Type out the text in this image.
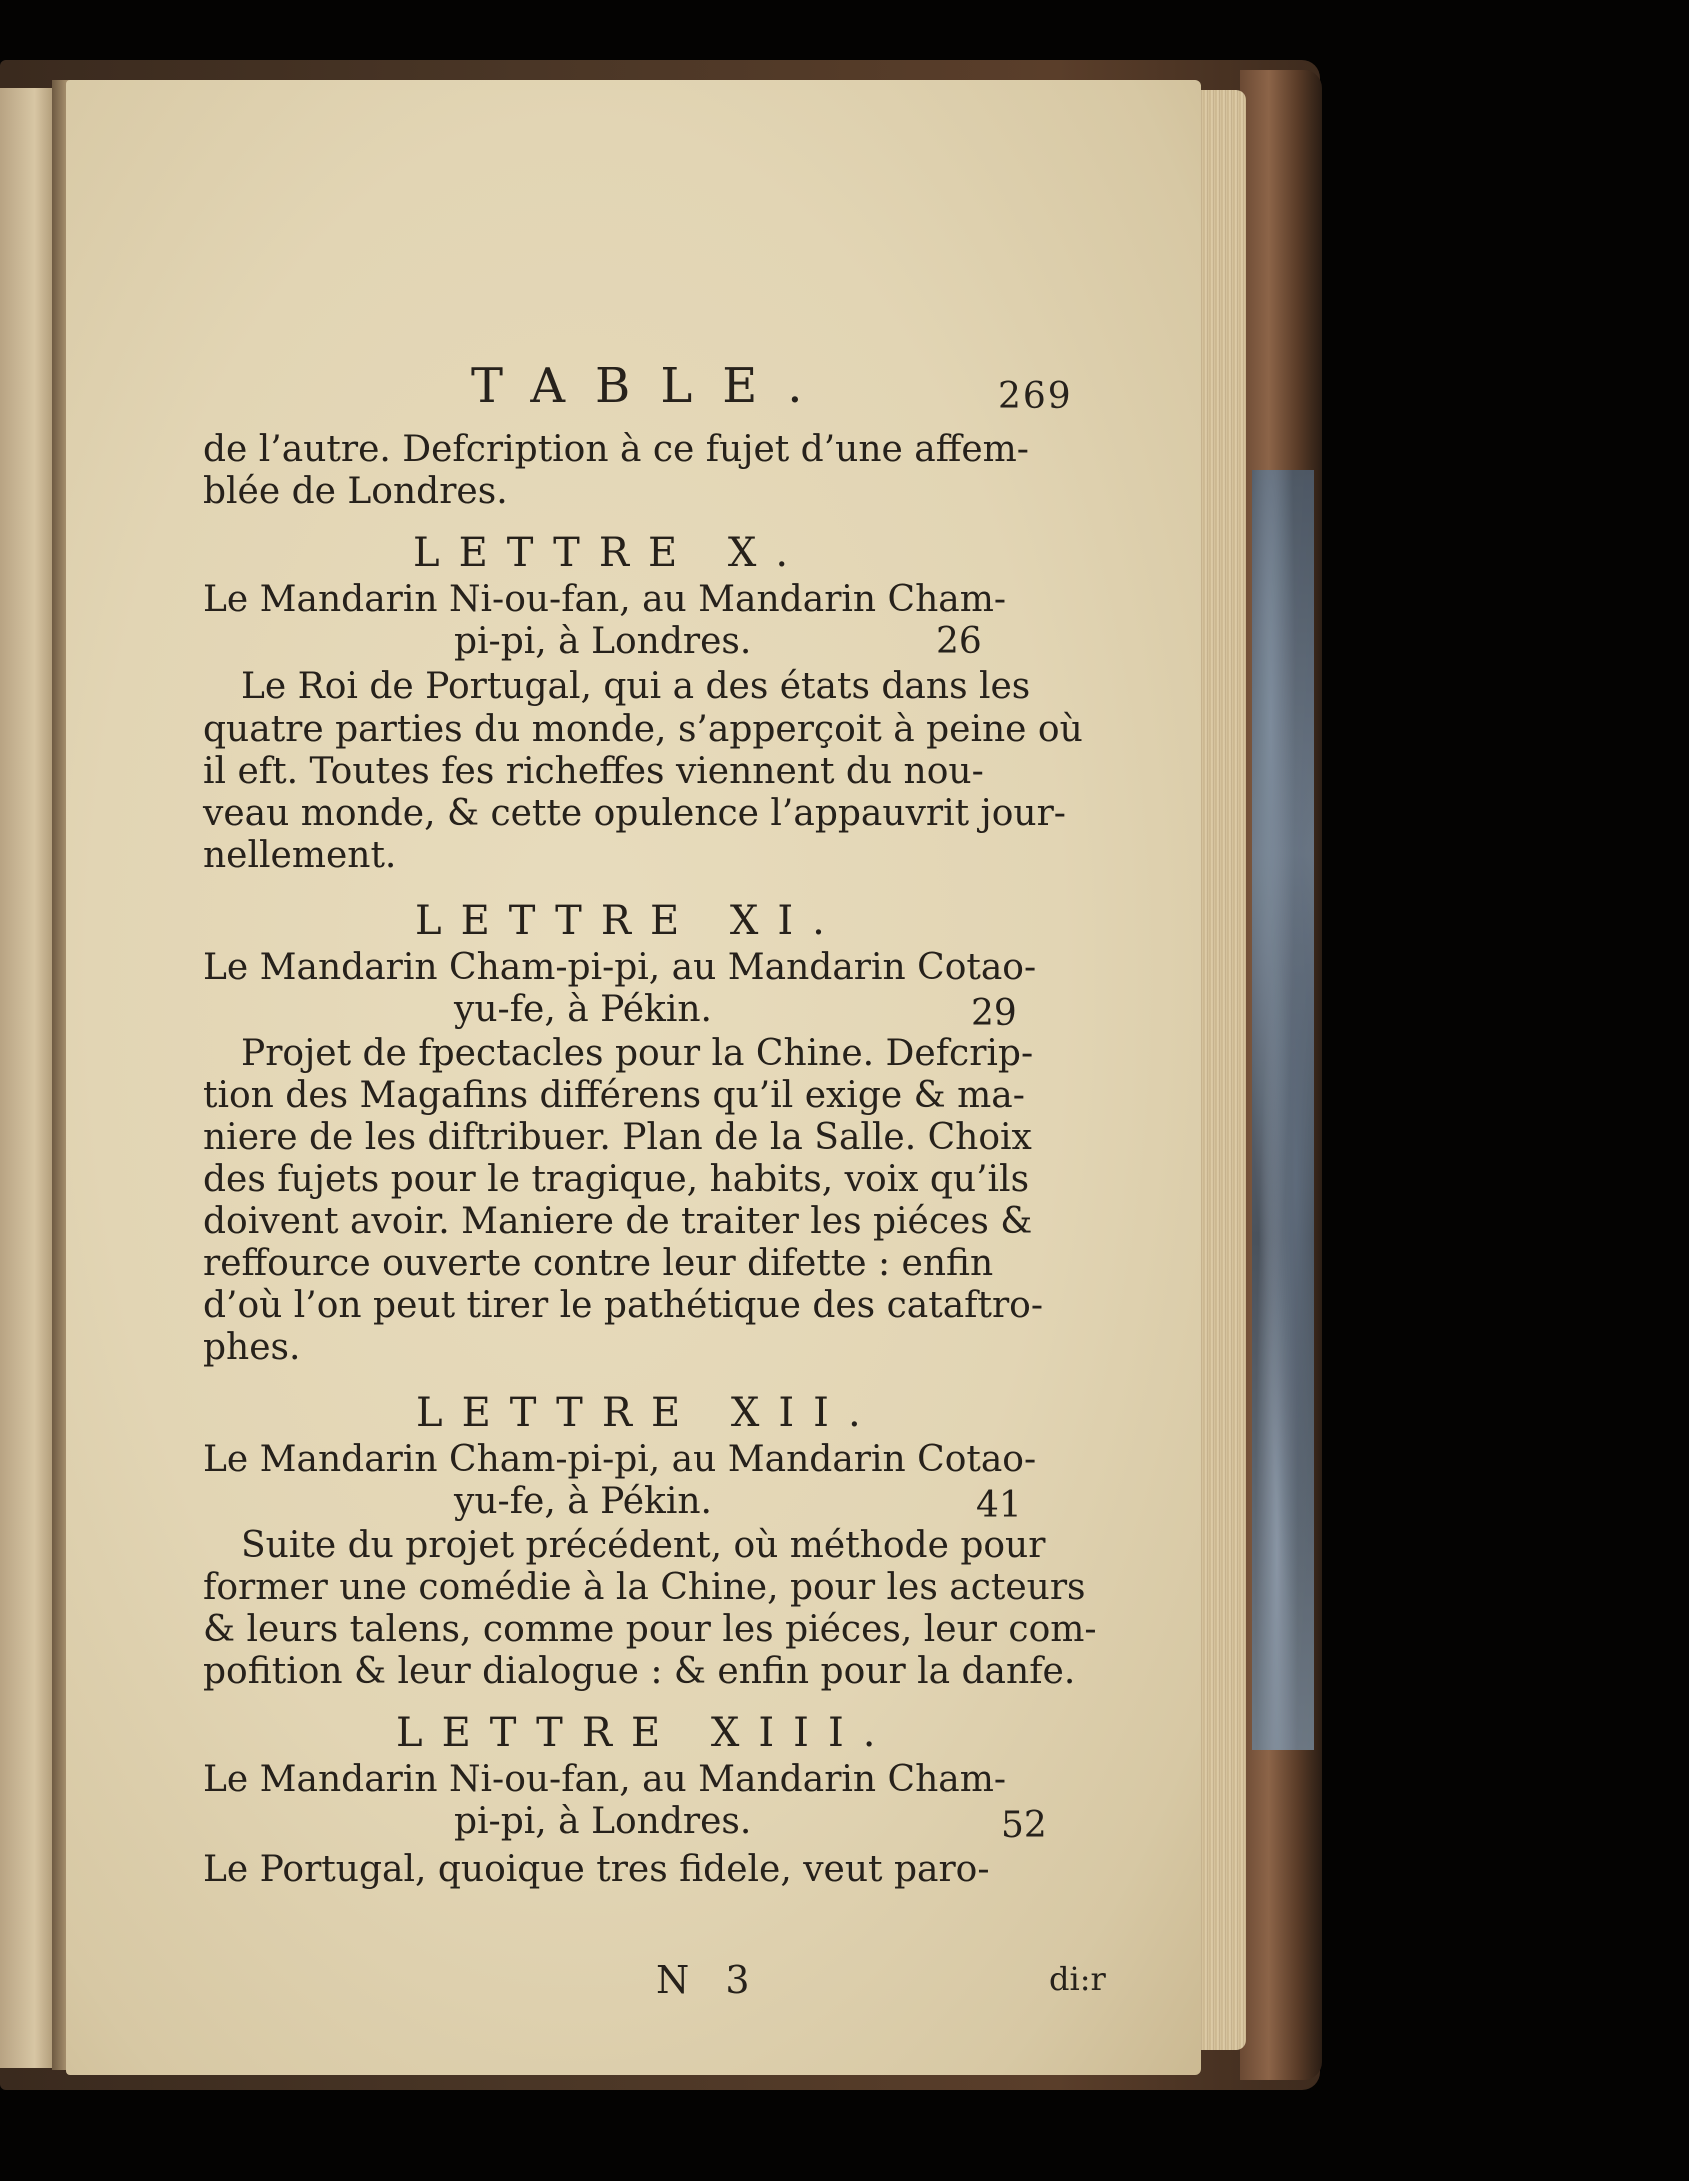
TABLE.	269

de l’autre. Defcription à ce fujet d’une affem-

blée de Londres.

LETTRE X.

Le Mandarin Ni-ou-fan, au Mandarin Cham-

pi-pi, à Londres.	26

Le Roi de Portugal, qui a des états dans les

quatre parties du monde, s’apperçoit à peine où

il eft. Toutes fes richeffes viennent du nou-

veau monde, & cette opulence l’appauvrit jour-

nellement.

LETTRE XI.

Le Mandarin Cham-pi-pi, au Mandarin Cotao-

yu-fe, à Pékin.	29

Projet de fpectacles pour la Chine. Defcrip-

tion des Magafins différens qu’il exige & ma-

niere de les diftribuer. Plan de la Salle. Choix

des fujets pour le tragique, habits, voix qu’ils

doivent avoir. Maniere de traiter les piéces &

reffource ouverte contre leur difette : enfin

d’où l’on peut tirer le pathétique des cataftro-

phes.

LETTRE XII.

Le Mandarin Cham-pi-pi, au Mandarin Cotao-

yu-fe, à Pékin.	41

Suite du projet précédent, où méthode pour

former une comédie à la Chine, pour les acteurs

& leurs talens, comme pour les piéces, leur com-

pofition & leur dialogue : & enfin pour la danfe.

LETTRE XIII.

Le Mandarin Ni-ou-fan, au Mandarin Cham-

pi-pi, à Londres.	52

Le Portugal, quoique tres fidele, veut paro-

N 3	di:r
